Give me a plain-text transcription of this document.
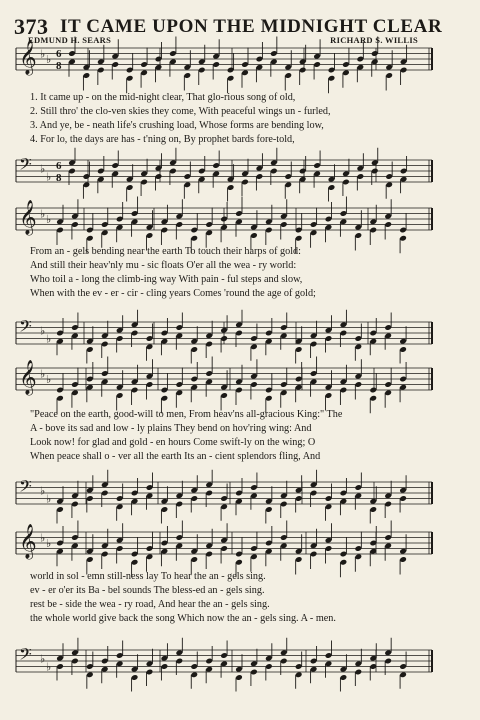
373 IT CAME UPON THE MIDNIGHT CLEAR
EDMUND H. SEARS	RICHARD S. WILLIS
𝄞 ♭ ♭ 6
8
𝄢 ♭
♭
6
8
𝄞 ♭ ♭
𝄢 ♭
♭
𝄞 ♭ ♭
𝄢 ♭
♭
𝄞 ♭ ♭
𝄢 ♭
♭
1. It came up - on the mid-night clear, That glo-rious song of old,
2. Still thro' the clo-ven skies they come, With peaceful wings un - furled,
3. And ye, be - neath life's crushing load, Whose forms are bending low,
4. For lo, the days are has - t'ning on, By prophet bards fore-told,
From an - gels bending near the earth To touch their harps of gold:
And still their heav'nly mu - sic floats O'er all the wea - ry world:
Who toil a - long the climb-ing way With pain - ful steps and slow,
When with the ev - er - cir - cling years Comes 'round the age of gold;
"Peace on the earth, good-will to men, From heav'ns all-gracious King:" The
A - bove its sad and low - ly plains They bend on hov'ring wing: And
Look now! for glad and gold - en hours Come swift-ly on the wing; O
When peace shall o - ver all the earth Its an - cient splendors fling, And
world in sol - emn still-ness lay To hear the an - gels sing.
ev - er o'er its Ba - bel sounds The bless-ed an - gels sing.
rest be - side the wea - ry road, And hear the an - gels sing.
the whole world give back the song Which now the an - gels sing. A - men.
